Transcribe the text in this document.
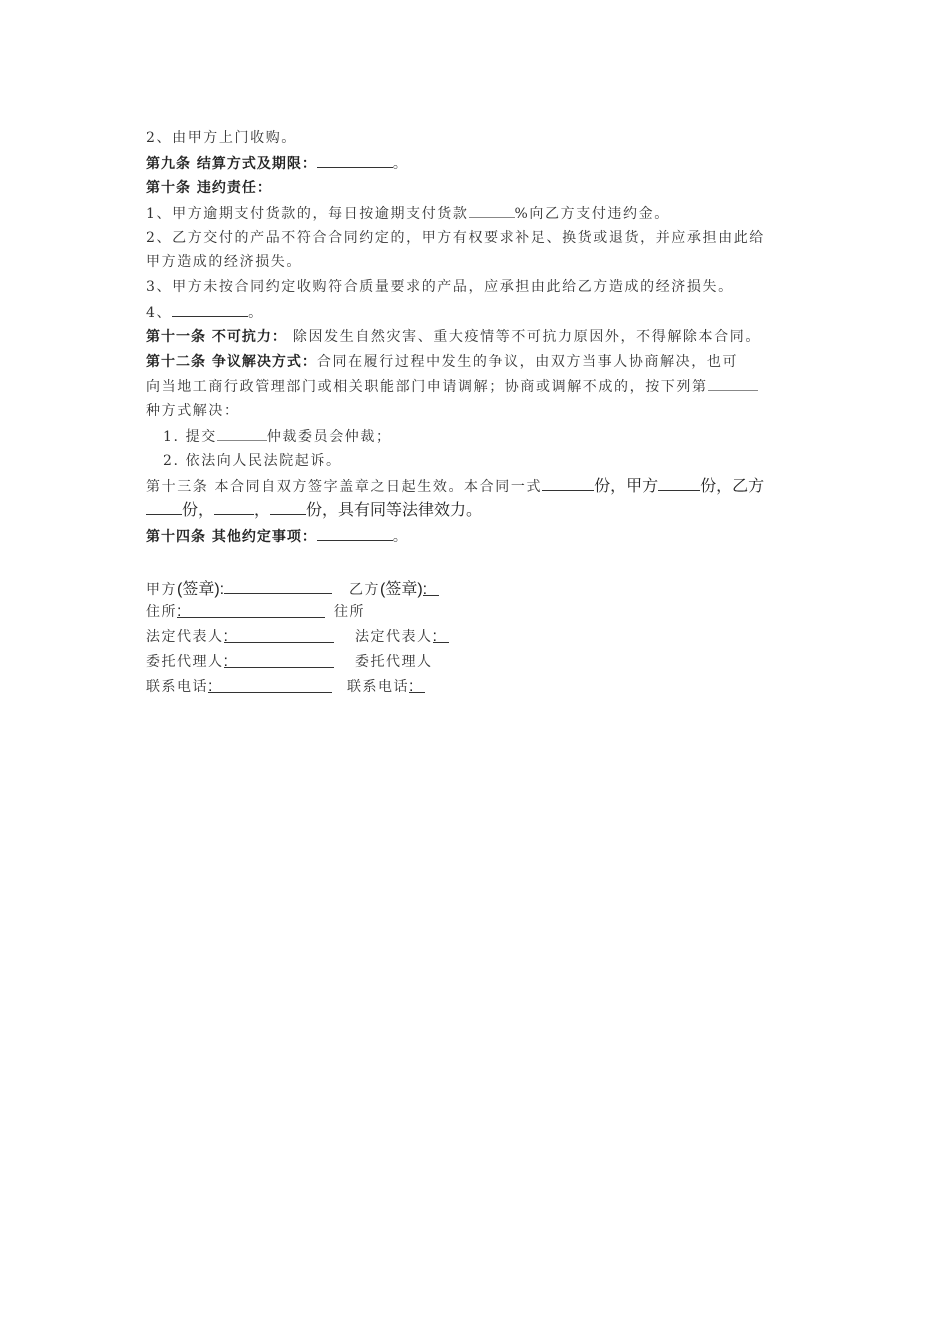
2、由甲方上门收购。
第九条 结算方式及期限：	。
第十条 违约责任：
1、甲方逾期支付货款的，每日按逾期支付货款	%向乙方支付违约金。
2、乙方交付的产品不符合合同约定的，甲方有权要求补足、换货或退货，并应承担由此给
甲方造成的经济损失。
3、甲方未按合同约定收购符合质量要求的产品，应承担由此给乙方造成的经济损失。
4、	。
第十一条 不可抗力： 除因发生自然灾害、重大疫情等不可抗力原因外，不得解除本合同。
第十二条 争议解决方式：合同在履行过程中发生的争议，由双方当事人协商解决，也可
向当地工商行政管理部门或相关职能部门申请调解；协商或调解不成的，按下列第
种方式解决：
1. 提交	仲裁委员会仲裁；
2. 依法向人民法院起诉。
第十三条 本合同自双方签字盖章之日起生效。本合同一式	份，甲方	份，乙方
份，	， 份，具有同等法律效力。
第十四条 其他约定事项：	。
甲方(签章):	乙方(签章):
住所:	往所
法定代表人:	法定代表人:
委托代理人:	委托代理人
联系电话:	联系电话:
